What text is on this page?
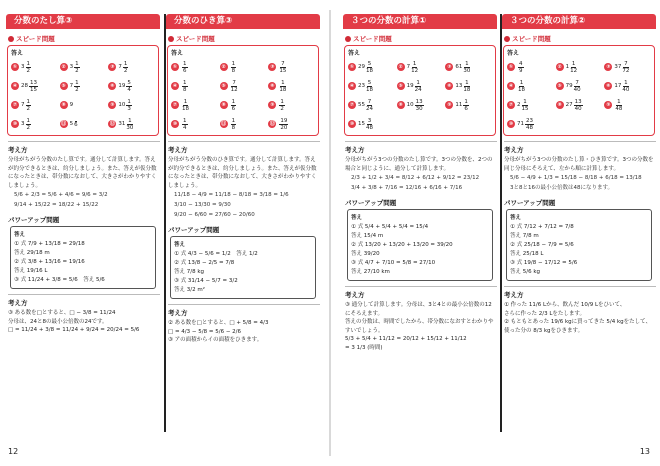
分数のたし算③
スピード問題
答え
① $3 \frac{1}{2}$	② $3 \frac{1}{2}$	③ $7 \frac{1}{2}$
④ $28 \frac{13}{15}$	⑤ $7 \frac{1}{2}$	⑥ $19 \frac{5}{4}$
⑦ $7 \frac{1}{2}$	⑧ 9	⑨ $10 \frac{1}{3}$
⑩ $3 \frac{1}{2}$	⑪ 5 6	⑫ $31 \frac{1}{30}$
考え方
分母がちがう分数のたし算です。通分して計算します。答えが約分できるときは、約分しましょう。また、答えが仮分数になったときは、帯分数になおして、大きさがわかりやすくしましょう。
5/6 + 2/3 = 5/6 + 4/6 = 9/6 = 3/2
9/14 + 15/22 = 18/22 + 15/22
パワーアップ問題
答え
① 式 7/9 + 13/18 = 29/18
答え 29/18 m
② 式 3/8 + 13/16 = 19/16
答え 19/16 L
③ 式 11/24 + 3/8 = 5/6　答え 5/6
考え方
③ ある数を□とすると、□ − 3/8 = 11/24
分母は、24と8の最小公倍数の24です。
□ = 11/24 + 3/8 = 11/24 + 9/24 = 20/24 = 5/6
分数のひき算③
スピード問題
答え
① $\frac{1}{6}$	② $\frac{1}{8}$	③ $\frac{7}{15}$
④ $\frac{1}{8}$	⑤ $\frac{7}{12}$	⑥ $\frac{1}{18}$
⑦ $\frac{1}{18}$	⑧ $\frac{1}{6}$	⑨ $\frac{1}{2}$
⑩ $\frac{1}{4}$	⑪ $\frac{1}{8}$	⑫ $\frac{19}{20}$
考え方
分母がちがう分数のひき算です。通分して計算します。答えが約分できるときは、約分しましょう。また、答えが仮分数になったときは、帯分数になおして、大きさがわかりやすくしましょう。
11/18 − 4/9 = 11/18 − 8/18 = 3/18 = 1/6
3/10 − 13/30 = 9/30
9/20 − 6/60 = 27/60 − 20/60
パワーアップ問題
答え
① 式 4/3 − 5/6 = 1/2　答え 1/2
② 式 13/8 − 2/5 = 7/8
答え 7/8 kg
③ 式 31/14 − 5/7 = 3/2
答え 3/2 m²
考え方
② ある数を□とすると、□ + 5/8 = 4/3
□ = 4/3 − 5/8 = 5/6 − 2/6
③ アの面積からイの面積をひきます。
３つの分数の計算①
スピード問題
答え
① $29 \frac{5}{18}$	② $7 \frac{1}{12}$	③ $61 \frac{1}{30}$
④ $23 \frac{5}{18}$	⑤ $19 \frac{1}{24}$	⑥ $13 \frac{1}{18}$
⑦ $55 \frac{7}{24}$	⑧ $10 \frac{13}{30}$	⑨ $11 \frac{1}{6}$
⑩ $15 \frac{3}{48}$
考え方
分母がちがう3つの分数のたし算です。3つの分数を、2つの場合と同じように、通分して計算します。
2/3 + 1/2 + 3/4 = 8/12 + 6/12 + 9/12 = 23/12
3/4 + 3/8 + 7/16 = 12/16 + 6/16 + 7/16
パワーアップ問題
答え
① 式 5/4 + 5/4 + 5/4 = 15/4
答え 15/4 m
② 式 13/20 + 13/20 + 13/20 = 39/20
答え 39/20
③ 式 4/7 + 7/10 = 5/8 = 27/10
答え 27/10 km
考え方
③ 通分して計算します。分母は、3と4との最小公倍数の12にそろえます。
答えの分数は、時間でしたから、帯分数になおすとわかりやすいでしょう。
5/3 + 5/4 + 11/12 = 20/12 + 15/12 + 11/12
= 3 1/3 (時間)
３つの分数の計算②
スピード問題
答え
① $\frac{4}{9}$	② $1 \frac{1}{12}$	③ $37 \frac{7}{72}$
④ $\frac{1}{18}$	⑤ $79 \frac{7}{40}$	⑥ $17 \frac{1}{40}$
⑦ $2 \frac{1}{15}$	⑧ $27 \frac{13}{40}$	⑨ $\frac{1}{48}$
⑩ $71 \frac{23}{48}$
考え方
分母がちがう3つの分数のたし算・ひき算です。3つの分数を同じ分母にそろえて、左から順に計算します。
5/6 − 4/9 + 1/3 = 15/18 − 8/18 + 6/18 = 13/18
3と8と16の最小公倍数は48になります。
パワーアップ問題
答え
① 式 7/12 + 7/12 = 7/8
答え 7/8 m
② 式 25/18 − 7/9 = 5/6
答え 25/18 L
③ 式 19/8 − 17/12 = 5/6
答え 5/6 kg
考え方
① 作った 11/6 Lから、飲んだ 10/9 Lをひいて、
さらに作った 2/3 Lをたします。
② もともとあった 19/6 kgに買ってきた 5/4 kgをたして、使った分の 8/3 kgをひきます。
12	13
